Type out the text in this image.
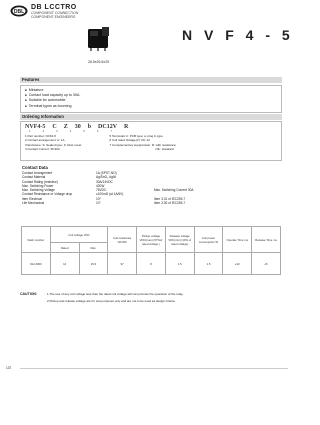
DBL
DB LCCTRO
COMPONENT CONNECTION
COMPONENT ENGINEERS
26.5x26.5x25
N V F 4 - 5
Features
■ Miniature
■ Contact load capacity up to 30A.
■ Suitable for automobile
■ Terminal types as booming
Ordering Information
NVF4-5 C Z 30 b DC12V R
1	2	3	4	5	6	7
1 Part number: NVF4-5
2 Contact arrangement: A: 1A
3 Enclosure: S: Sealed type; Z: Dust cover
4 Contact Current: 30:30A
5 Terminals: b: PCB type; a: plug in type
6 Coil rated Voltage(V): DC 12
7 Complementary suppression: R: with resistance;
NIL: standard
Contact Data
Contact Arrangement	1A (SPST-NO)
Contact Material	Ag/SnO₂ AgNi
Contact Rating (resistive)	30A/14VDC
Max. Switching Power	420W
Max. Switching Voltage	75VDC	Max. Switching Current 30A
Contact Resistance or Voltage drop	≤100mΩ (at 1A/6V)
Item Electrical	10⁵	Item 3.31 of IEC255-7
Life Mechanical	10⁷	Item 3.30 of IEC255-7
Dash number	Coil voltage VDC		Coil resistance Ω±10%	Pickup voltage VDC(max) (67%of rated voltage )	Release voltage VDC(min) (10% of rated voltage)	Coil power consumption W	Operate Time ms	Release Time ms
	Rated	Max.						
012-3000	12	15.6	97	8	1.5	1.5	≤10	≤5
CAUTION:	1.The use of any coil voltage less than the rated coil voltage will compromise the operation of the relay.
2.Pickup and release voltage are for test purposes only and are not to be used as design criteria.
137
